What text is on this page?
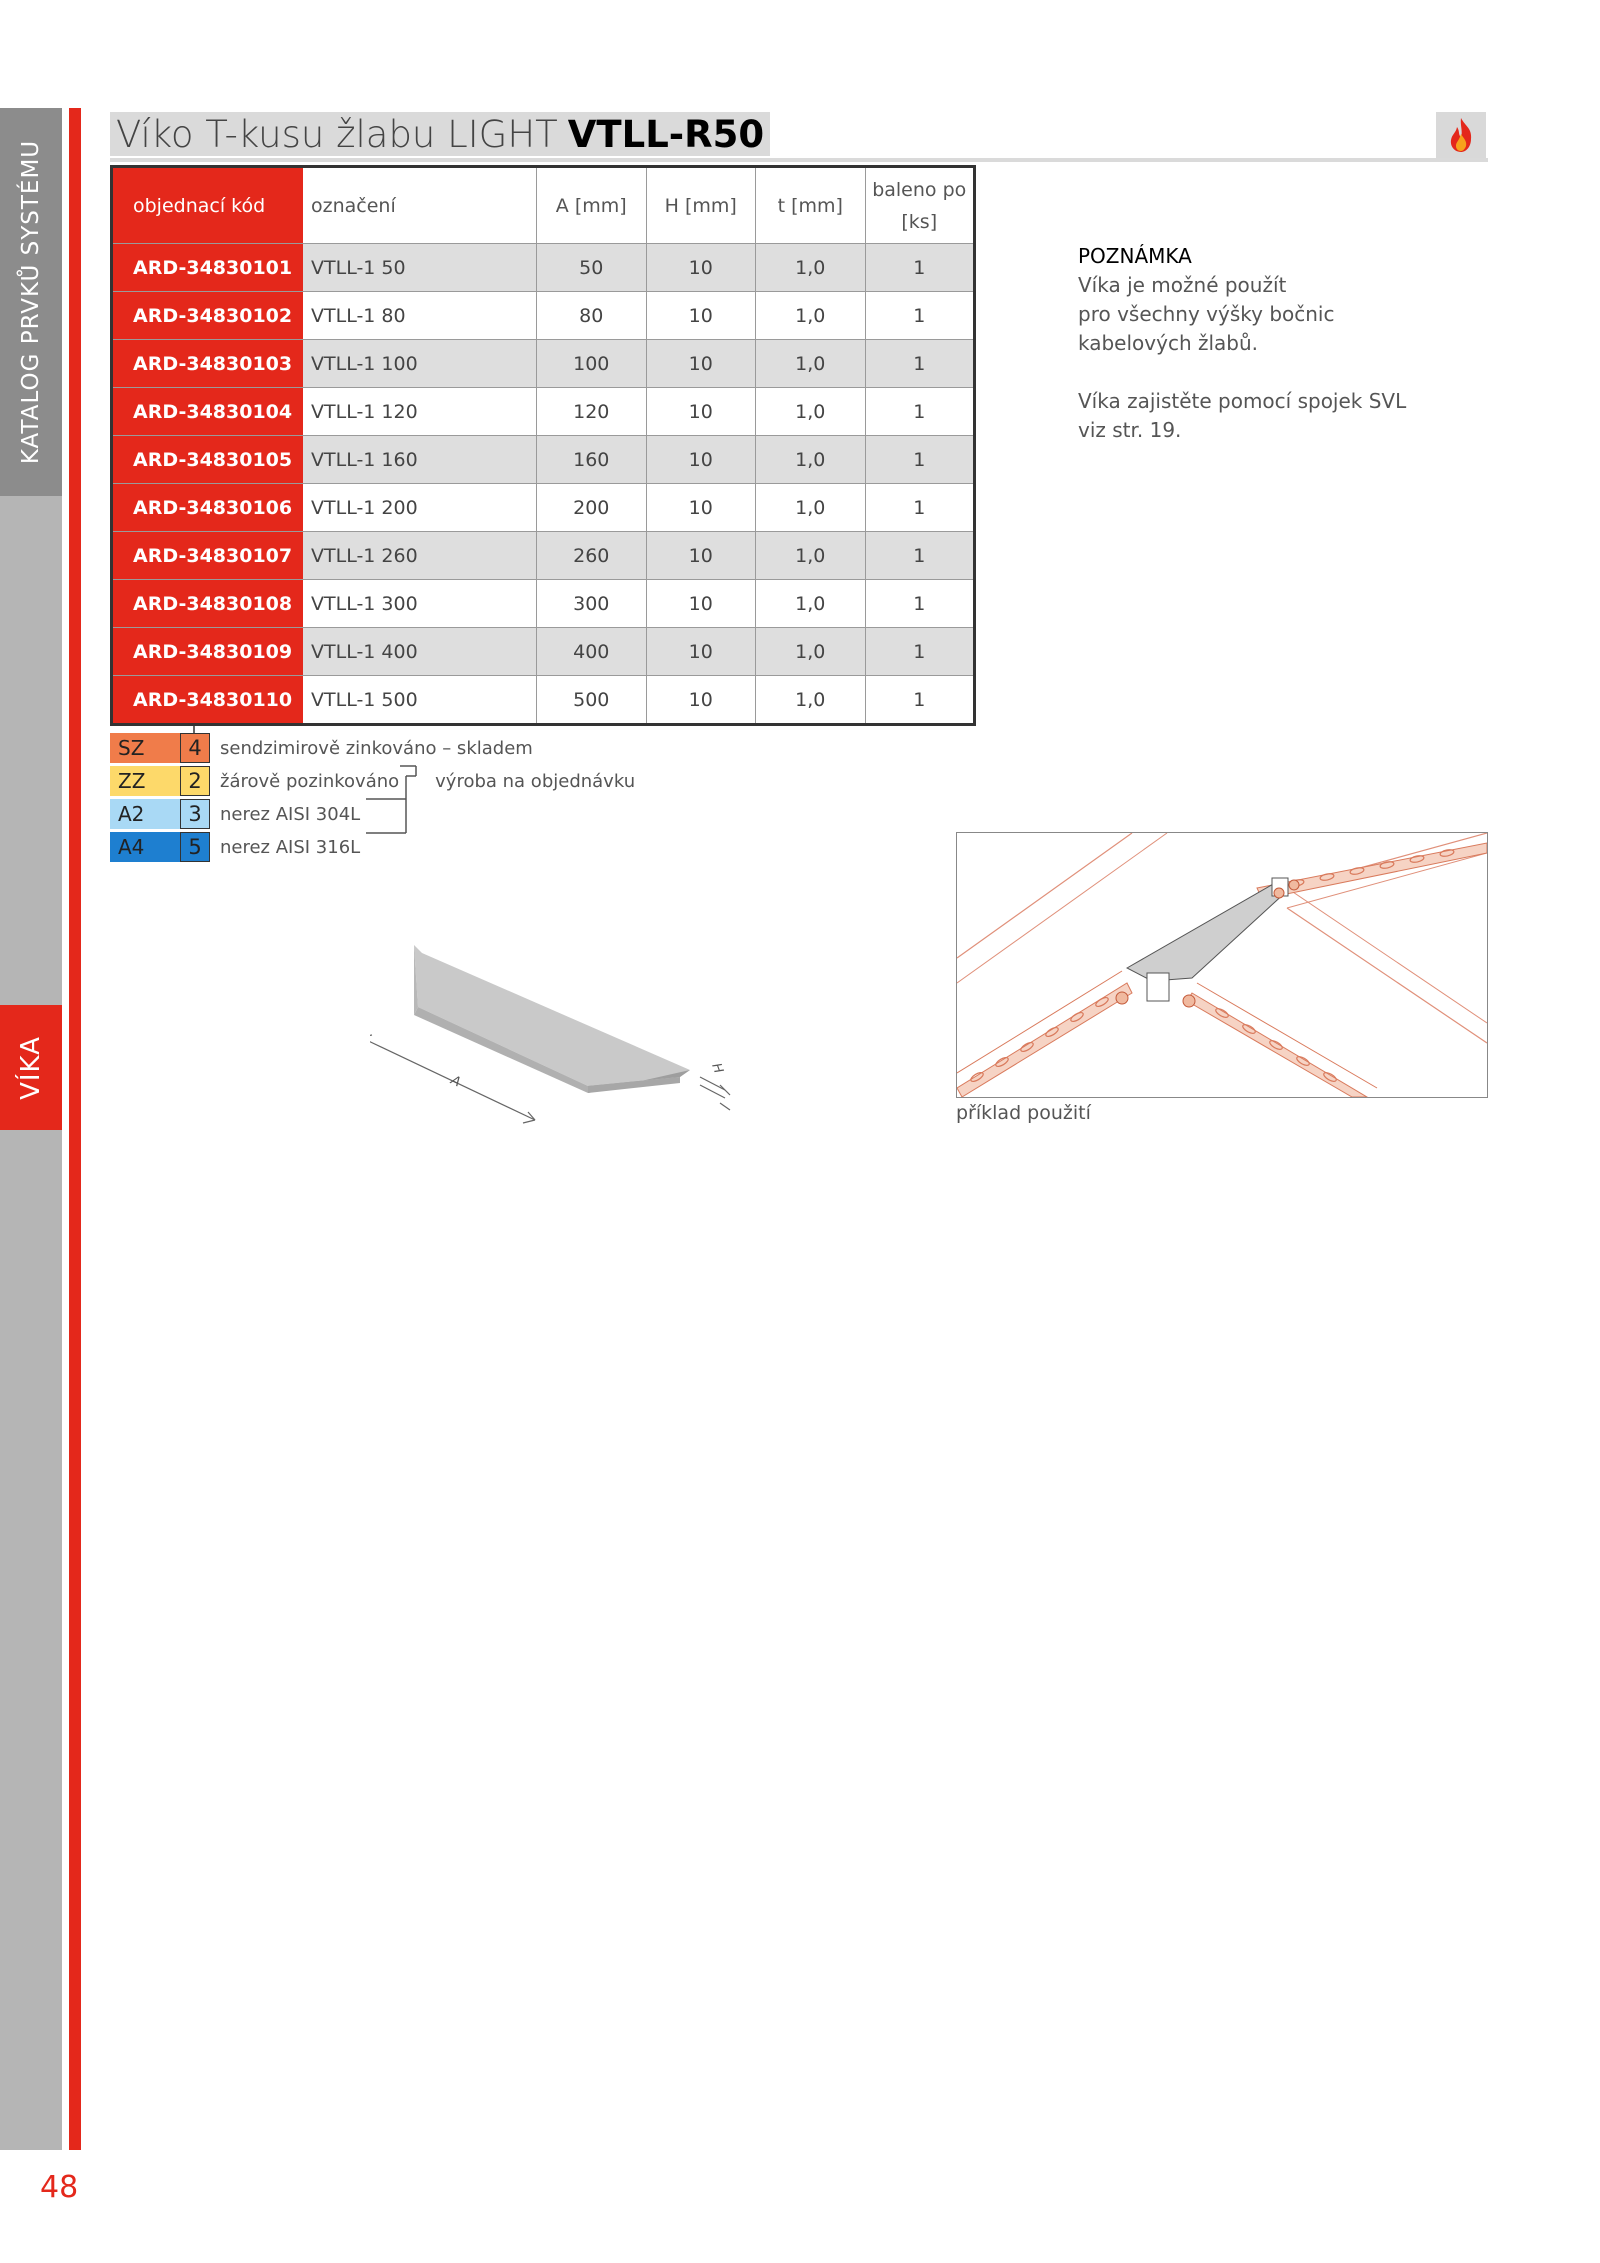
KATALOG PRVKŮ SYSTÉMU
VÍKA
48
Víko T-kusu žlabu LIGHT VTLL-R50
objednací kód	označení	A [mm]	H [mm]	t [mm]	baleno po
[ks]

ARD-34830101	VTLL-1 50	50	10	1,0	1
ARD-34830102	VTLL-1 80	80	10	1,0	1
ARD-34830103	VTLL-1 100	100	10	1,0	1
ARD-34830104	VTLL-1 120	120	10	1,0	1
ARD-34830105	VTLL-1 160	160	10	1,0	1
ARD-34830106	VTLL-1 200	200	10	1,0	1
ARD-34830107	VTLL-1 260	260	10	1,0	1
ARD-34830108	VTLL-1 300	300	10	1,0	1
ARD-34830109	VTLL-1 400	400	10	1,0	1
ARD-34830110	VTLL-1 500	500	10	1,0	1

POZNÁMKA

Víka je možné použít

pro všechny výšky bočnic

kabelových žlabů.

Víka zajistěte pomocí spojek SVL

viz str. 19.

SZ	4	sendzimirově zinkováno – skladem
ZZ	2	žárově pozinkováno výroba na objednávku
A2	3	nerez AISI 304L
A4	5	nerez AISI 316L
A
H
příklad použití
